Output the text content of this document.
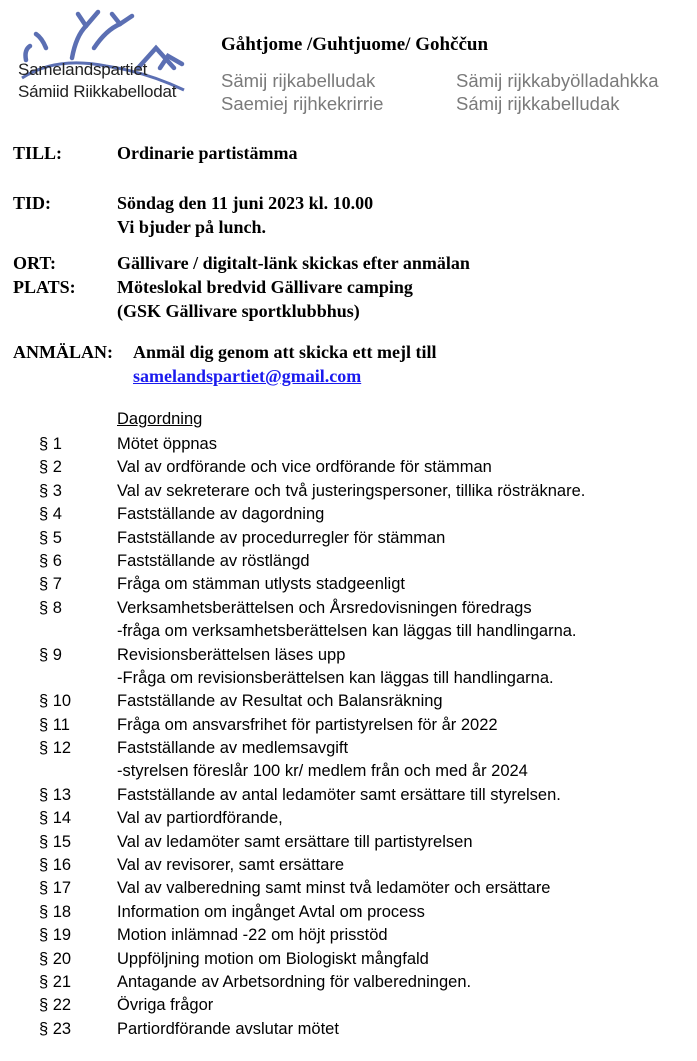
Samelandspartiet
Sámiid Riikkabellodat
Gåhtjome /Guhtjuome/ Gohččun
Sämij rijkabelludak	Sämij rijkkabyölladahkka
Saemiej rijhkekrirrie	Sámij rijkkabelludak
TILL:	Ordinarie partistämma
TID:	Söndag den 11 juni 2023 kl. 10.00
Vi bjuder på lunch.
ORT:	Gällivare / digitalt-länk skickas efter anmälan
PLATS: Möteslokal bredvid Gällivare camping
(GSK Gällivare sportklubbhus)
ANMÄLAN: Anmäl dig genom att skicka ett mejl till
samelandspartiet@gmail.com
Dagordning
§ 1	Mötet öppnas
§ 2	Val av ordförande och vice ordförande för stämman
§ 3	Val av sekreterare och två justeringspersoner, tillika rösträknare.
§ 4	Fastställande av dagordning
§ 5	Fastställande av procedurregler för stämman
§ 6	Fastställande av röstlängd
§ 7	Fråga om stämman utlysts stadgeenligt
§ 8	Verksamhetsberättelsen och Årsredovisningen föredrags
-fråga om verksamhetsberättelsen kan läggas till handlingarna.
§ 9	Revisionsberättelsen läses upp
-Fråga om revisionsberättelsen kan läggas till handlingarna.
§ 10	Fastställande av Resultat och Balansräkning
§ 11	Fråga om ansvarsfrihet för partistyrelsen för år 2022
§ 12	Fastställande av medlemsavgift
-styrelsen föreslår 100 kr/ medlem från och med år 2024
§ 13	Fastställande av antal ledamöter samt ersättare till styrelsen.
§ 14	Val av partiordförande,
§ 15	Val av ledamöter samt ersättare till partistyrelsen
§ 16	Val av revisorer, samt ersättare
§ 17	Val av valberedning samt minst två ledamöter och ersättare
§ 18	Information om ingånget Avtal om process
§ 19	Motion inlämnad -22 om höjt prisstöd
§ 20	Uppföljning motion om Biologiskt mångfald
§ 21	Antagande av Arbetsordning för valberedningen.
§ 22	Övriga frågor
§ 23	Partiordförande avslutar mötet
